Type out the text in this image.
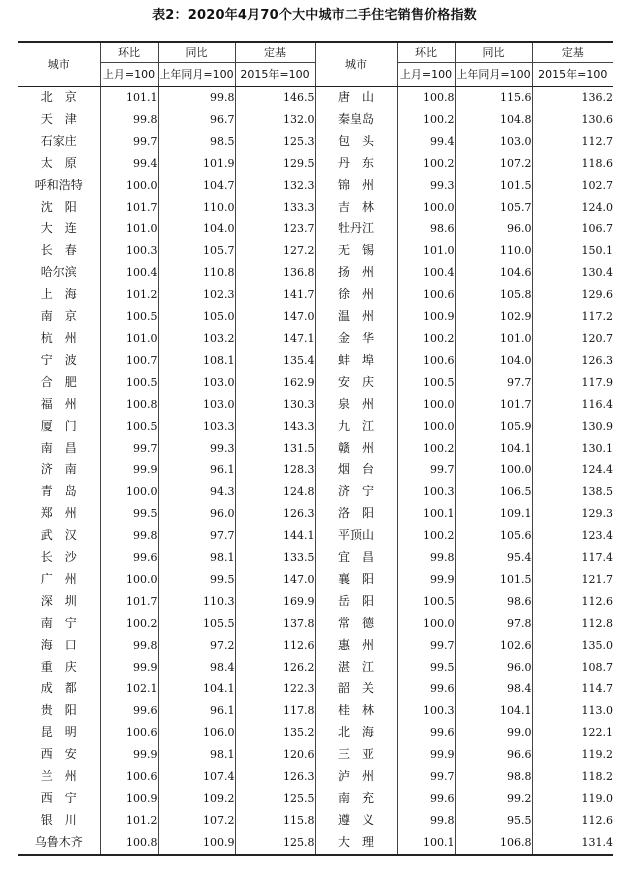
表2：2020年4月70个大中城市二手住宅销售价格指数
城市	环比	同比	定基	城市	环比	同比	定基
	上月=100	上年同月=100	2015年=100		上月=100	上年同月=100	2015年=100
北　京	101.1	99.8	146.5	唐　山	100.8	115.6	136.2
天　津	99.8	96.7	132.0	秦皇岛	100.2	104.8	130.6
石家庄	99.7	98.5	125.3	包　头	99.4	103.0	112.7
太　原	99.4	101.9	129.5	丹　东	100.2	107.2	118.6
呼和浩特	100.0	104.7	132.3	锦　州	99.3	101.5	102.7
沈　阳	101.7	110.0	133.3	吉　林	100.0	105.7	124.0
大　连	101.0	104.0	123.7	牡丹江	98.6	96.0	106.7
长　春	100.3	105.7	127.2	无　锡	101.0	110.0	150.1
哈尔滨	100.4	110.8	136.8	扬　州	100.4	104.6	130.4
上　海	101.2	102.3	141.7	徐　州	100.6	105.8	129.6
南　京	100.5	105.0	147.0	温　州	100.9	102.9	117.2
杭　州	101.0	103.2	147.1	金　华	100.2	101.0	120.7
宁　波	100.7	108.1	135.4	蚌　埠	100.6	104.0	126.3
合　肥	100.5	103.0	162.9	安　庆	100.5	97.7	117.9
福　州	100.8	103.0	130.3	泉　州	100.0	101.7	116.4
厦　门	100.5	103.3	143.3	九　江	100.0	105.9	130.9
南　昌	99.7	99.3	131.5	赣　州	100.2	104.1	130.1
济　南	99.9	96.1	128.3	烟　台	99.7	100.0	124.4
青　岛	100.0	94.3	124.8	济　宁	100.3	106.5	138.5
郑　州	99.5	96.0	126.3	洛　阳	100.1	109.1	129.3
武　汉	99.8	97.7	144.1	平顶山	100.2	105.6	123.4
长　沙	99.6	98.1	133.5	宜　昌	99.8	95.4	117.4
广　州	100.0	99.5	147.0	襄　阳	99.9	101.5	121.7
深　圳	101.7	110.3	169.9	岳　阳	100.5	98.6	112.6
南　宁	100.2	105.5	137.8	常　德	100.0	97.8	112.8
海　口	99.8	97.2	112.6	惠　州	99.7	102.6	135.0
重　庆	99.9	98.4	126.2	湛　江	99.5	96.0	108.7
成　都	102.1	104.1	122.3	韶　关	99.6	98.4	114.7
贵　阳	99.6	96.1	117.8	桂　林	100.3	104.1	113.0
昆　明	100.6	106.0	135.2	北　海	99.6	99.0	122.1
西　安	99.9	98.1	120.6	三　亚	99.9	96.6	119.2
兰　州	100.6	107.4	126.3	泸　州	99.7	98.8	118.2
西　宁	100.9	109.2	125.5	南　充	99.6	99.2	119.0
银　川	101.2	107.2	115.8	遵　义	99.8	95.5	112.6
乌鲁木齐	100.8	100.9	125.8	大　理	100.1	106.8	131.4
